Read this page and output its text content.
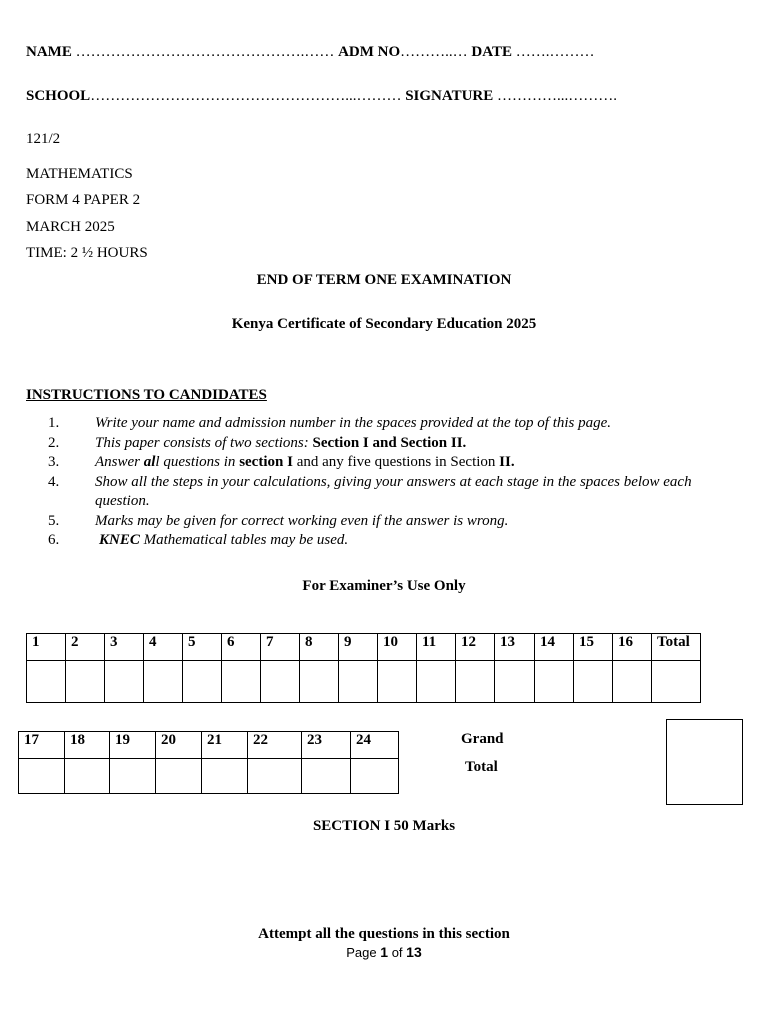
NAME ……………………………………….…… ADM NO………..… DATE …….………
SCHOOL……………………………………………...……… SIGNATURE …………...……….
121/2
MATHEMATICS
FORM 4 PAPER 2
MARCH 2025
TIME: 2 ½ HOURS
END OF TERM ONE EXAMINATION
Kenya Certificate of Secondary Education 2025
INSTRUCTIONS TO CANDIDATES
1. Write your name and admission number in the spaces provided at the top of this page.
2. This paper consists of two sections: Section I and Section II.
3. Answer all questions in section I and any five questions in Section II.
4. Show all the steps in your calculations, giving your answers at each stage in the spaces below each question.
5. Marks may be given for correct working even if the answer is wrong.
6.	KNEC Mathematical tables may be used.
For Examiner’s Use Only
1	2	3	4	5	6	7	8	9	10	11	12	13	14	15	16	Total

17	18	19	20	21	22	23	24
								Grand
Total
SECTION I 50 Marks
Attempt all the questions in this section
Page 1 of 13
